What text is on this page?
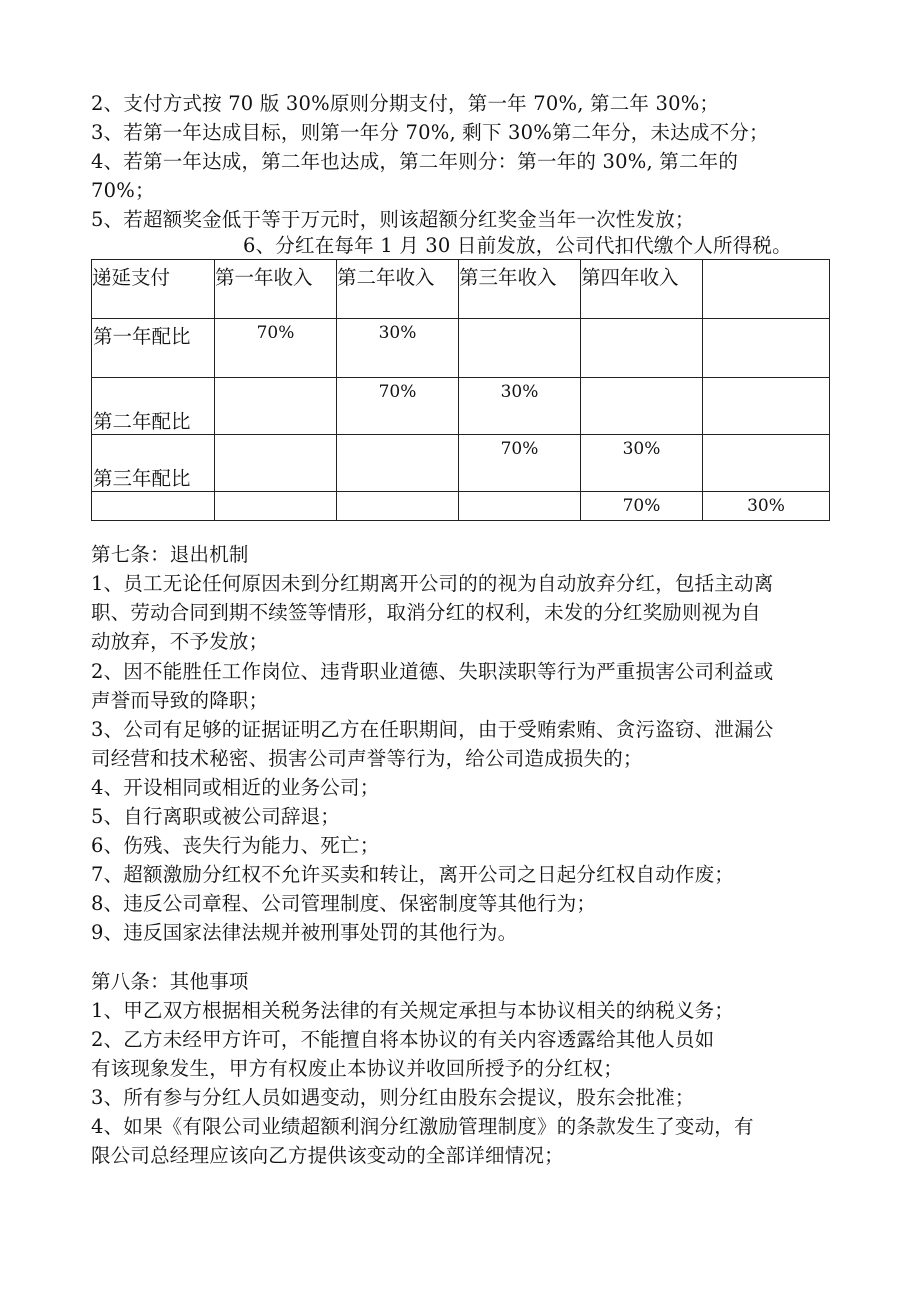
2、支付方式按 70 版 30%原则分期支付，第一年 70%, 第二年 30%；
3、若第一年达成目标，则第一年分 70%, 剩下 30%第二年分，未达成不分；
4、若第一年达成，第二年也达成，第二年则分：第一年的 30%, 第二年的
70%；
5、若超额奖金低于等于万元时，则该超额分红奖金当年一次性发放；
6、分红在每年 1 月 30 日前发放，公司代扣代缴个人所得税。
递延支付	第一年收入	第二年收入	第三年收入	第四年收入	
第一年配比	70%	30%			
第二年配比		70%	30%		
第三年配比			70%	30%	
				70%	30%
第七条：退出机制
1、员工无论任何原因未到分红期离开公司的的视为自动放弃分红，包括主动离
职、劳动合同到期不续签等情形，取消分红的权利，未发的分红奖励则视为自
动放弃，不予发放；
2、因不能胜任工作岗位、违背职业道德、失职渎职等行为严重损害公司利益或
声誉而导致的降职；
3、公司有足够的证据证明乙方在任职期间，由于受贿索贿、贪污盗窃、泄漏公
司经营和技术秘密、损害公司声誉等行为，给公司造成损失的；
4、开设相同或相近的业务公司；
5、自行离职或被公司辞退；
6、伤残、丧失行为能力、死亡；
7、超额激励分红权不允许买卖和转让，离开公司之日起分红权自动作废；
8、违反公司章程、公司管理制度、保密制度等其他行为；
9、违反国家法律法规并被刑事处罚的其他行为。
第八条：其他事项
1、甲乙双方根据相关税务法律的有关规定承担与本协议相关的纳税义务；
2、乙方未经甲方许可，不能擅自将本协议的有关内容透露给其他人员如
有该现象发生，甲方有权废止本协议并收回所授予的分红权；
3、所有参与分红人员如遇变动，则分红由股东会提议，股东会批准；
4、如果《有限公司业绩超额利润分红激励管理制度》的条款发生了变动，有
限公司总经理应该向乙方提供该变动的全部详细情况；
